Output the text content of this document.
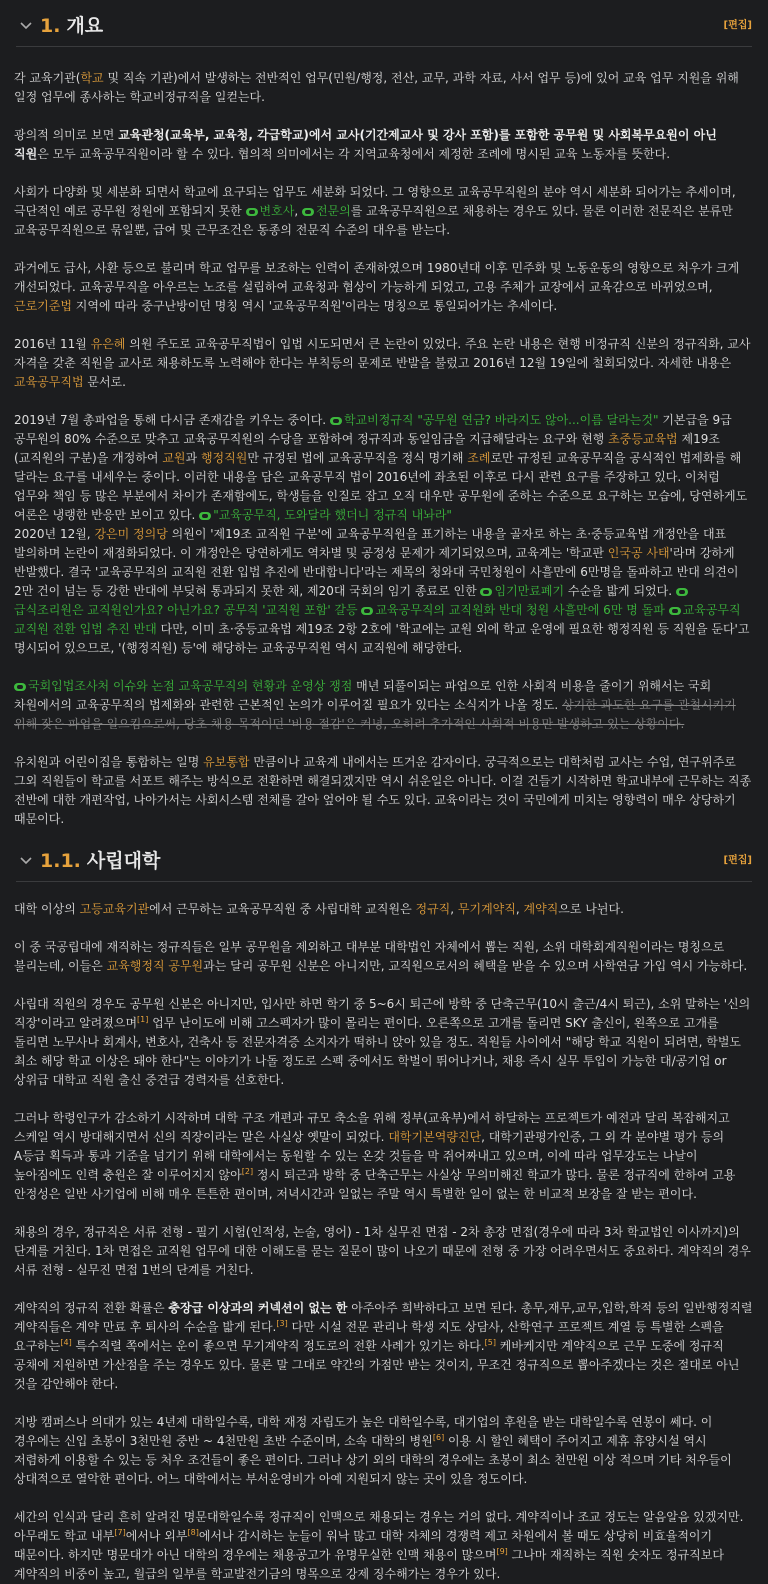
1. 개요	[편집]

각 교육기관(학교 및 직속 기관)에서 발생하는 전반적인 업무(민원/행정, 전산, 교무, 과학 자료, 사서 업무 등)에 있어 교육 업무 지원을 위해 일정 업무에 종사하는 학교비정규직을 일컫는다.

광의적 의미로 보면 교육관청(교육부, 교육청, 각급학교)에서 교사(기간제교사 및 강사 포함)를 포함한 공무원 및 사회복무요원이 아닌 직원은 모두 교육공무직원이라 할 수 있다. 협의적 의미에서는 각 지역교육청에서 제정한 조례에 명시된 교육 노동자를 뜻한다.

사회가 다양화 및 세분화 되면서 학교에 요구되는 업무도 세분화 되었다. 그 영향으로 교육공무직원의 분야 역시 세분화 되어가는 추세이며, 극단적인 예로 공무원 정원에 포함되지 못한 변호사, 전문의를 교육공무직원으로 채용하는 경우도 있다. 물론 이러한 전문직은 분류만 교육공무직원으로 묶일뿐, 급여 및 근무조건은 동종의 전문직 수준의 대우를 받는다.

과거에도 급사, 사환 등으로 불리며 학교 업무를 보조하는 인력이 존재하였으며 1980년대 이후 민주화 및 노동운동의 영향으로 처우가 크게 개선되었다. 교육공무직을 아우르는 노조를 설립하여 교육청과 협상이 가능하게 되었고, 고용 주체가 교장에서 교육감으로 바뀌었으며, 근로기준법 지역에 따라 중구난방이던 명칭 역시 '교육공무직원'이라는 명칭으로 통일되어가는 추세이다.

2016년 11월 유은혜 의원 주도로 교육공무직법이 입법 시도되면서 큰 논란이 있었다. 주요 논란 내용은 현행 비정규직 신분의 정규직화, 교사 자격을 갖춘 직원을 교사로 채용하도록 노력해야 한다는 부칙등의 문제로 반발을 불렀고 2016년 12월 19일에 철회되었다. 자세한 내용은 교육공무직법 문서로.

2019년 7월 총파업을 통해 다시금 존재감을 키우는 중이다. 학교비정규직 "공무원 연금? 바라지도 않아...이름 달라는것" 기본급을 9급 공무원의 80% 수준으로 맞추고 교육공무직원의 수당을 포함하여 정규직과 동일임금을 지급해달라는 요구와 현행 초중등교육법 제19조(교직원의 구분)을 개정하여 교원과 행정직원만 규정된 법에 교육공무직을 정식 명기해 조례로만 규정된 교육공무직을 공식적인 법제화를 해 달라는 요구를 내세우는 중이다. 이러한 내용을 담은 교육공무직 법이 2016년에 좌초된 이후로 다시 관련 요구를 주장하고 있다. 이처럼 업무와 책임 등 많은 부분에서 차이가 존재함에도, 학생들을 인질로 잡고 오직 대우만 공무원에 준하는 수준으로 요구하는 모습에, 당연하게도 여론은 냉랭한 반응만 보이고 있다. "교육공무직, 도와달라 했더니 정규직 내놔라"

2020년 12월, 강은미 정의당 의원이 '제19조 교직원 구분'에 교육공무직원을 표기하는 내용을 골자로 하는 초·중등교육법 개정안을 대표 발의하며 논란이 재점화되었다. 이 개정안은 당연하게도 역차별 및 공정성 문제가 제기되었으며, 교육계는 '학교판 인국공 사태'라며 강하게 반발했다. 결국 '교육공무직의 교직원 전환 입법 추진에 반대합니다'라는 제목의 청와대 국민청원이 사흘만에 6만명을 돌파하고 반대 의견이 2만 건이 넘는 등 강한 반대에 부딪혀 통과되지 못한 채, 제20대 국회의 임기 종료로 인한 임기만료폐기 수순을 밟게 되었다. 급식조리원은 교직원인가요? 아닌가요? 공무직 '교직원 포함' 갈등 교육공무직의 교직원화 반대 청원 사흘만에 6만 명 돌파 교육공무직 교직원 전환 입법 추진 반대 다만, 이미 초·중등교육법 제19조 2항 2호에 '학교에는 교원 외에 학교 운영에 필요한 행정직원 등 직원을 둔다'고 명시되어 있으므로, '(행정직원) 등'에 해당하는 교육공무직원 역시 교직원에 해당한다.

국회입법조사처 이슈와 논점 교육공무직의 현황과 운영상 쟁점 매년 되풀이되는 파업으로 인한 사회적 비용을 줄이기 위해서는 국회 차원에서의 교육공무직의 법제화와 관련한 근본적인 논의가 이루어질 필요가 있다는 소식지가 나올 정도. 상기한 과도한 요구를 관철시키기 위해 잦은 파업을 일으킴으로써, 당초 채용 목적이던 '비용 절감'은 커녕, 오히려 추가적인 사회적 비용만 발생하고 있는 상황이다.

유치원과 어린이집을 통합하는 일명 유보통합 만큼이나 교육계 내에서는 뜨거운 감자이다. 궁극적으로는 대학처럼 교사는 수업, 연구위주로 그외 직원들이 학교를 서포트 해주는 방식으로 전환하면 해결되겠지만 역시 쉬운일은 아니다. 이걸 건들기 시작하면 학교내부에 근무하는 직종 전반에 대한 개편작업, 나아가서는 사회시스템 전체를 갈아 엎어야 될 수도 있다. 교육이라는 것이 국민에게 미치는 영향력이 매우 상당하기 때문이다.

1.1. 사립대학	[편집]

대학 이상의 고등교육기관에서 근무하는 교육공무직원 중 사립대학 교직원은 정규직, 무기계약직, 계약직으로 나뉜다.

이 중 국공립대에 재직하는 정규직들은 일부 공무원을 제외하고 대부분 대학법인 자체에서 뽑는 직원, 소위 대학회계직원이라는 명칭으로 불리는데, 이들은 교육행정직 공무원과는 달리 공무원 신분은 아니지만, 교직원으로서의 혜택을 받을 수 있으며 사학연금 가입 역시 가능하다.

사립대 직원의 경우도 공무원 신분은 아니지만, 입사만 하면 학기 중 5~6시 퇴근에 방학 중 단축근무(10시 출근/4시 퇴근), 소위 말하는 '신의 직장'이라고 알려졌으며[1] 업무 난이도에 비해 고스펙자가 많이 몰리는 편이다. 오른쪽으로 고개를 돌리면 SKY 출신이, 왼쪽으로 고개를 돌리면 노무사나 회계사, 변호사, 건축사 등 전문자격증 소지자가 떡하니 앉아 있을 정도. 직원들 사이에서 "해당 학교 직원이 되려면, 학벌도 최소 해당 학교 이상은 돼야 한다"는 이야기가 나돌 정도로 스펙 중에서도 학벌이 뛰어나거나, 채용 즉시 실무 투입이 가능한 대/공기업 or 상위급 대학교 직원 출신 중견급 경력자를 선호한다.

그러나 학령인구가 감소하기 시작하며 대학 구조 개편과 규모 축소을 위해 정부(교육부)에서 하달하는 프로젝트가 예전과 달리 복잡해지고 스케일 역시 방대해지면서 신의 직장이라는 말은 사실상 옛말이 되었다. 대학기본역량진단, 대학기관평가인증, 그 외 각 분야별 평가 등의 A등급 획득과 통과 기준을 넘기기 위해 대학에서는 동원할 수 있는 온갖 것들을 막 쥐어짜내고 있으며, 이에 따라 업무강도는 나날이 높아짐에도 인력 충원은 잘 이루어지지 않아[2] 정시 퇴근과 방학 중 단축근무는 사실상 무의미해진 학교가 많다. 물론 정규직에 한하여 고용 안정성은 일반 사기업에 비해 매우 튼튼한 편이며, 저녁시간과 일없는 주말 역시 특별한 일이 없는 한 비교적 보장을 잘 받는 편이다.

채용의 경우, 정규직은 서류 전형 - 필기 시험(인적성, 논술, 영어) - 1차 실무진 면접 - 2차 총장 면접(경우에 따라 3차 학교법인 이사까지)의 단계를 거친다. 1차 면접은 교직원 업무에 대한 이해도를 묻는 질문이 많이 나오기 때문에 전형 중 가장 어려우면서도 중요하다. 계약직의 경우 서류 전형 - 실무진 면접 1번의 단계를 거친다.

계약직의 정규직 전환 확률은 충장급 이상과의 커넥션이 없는 한 아주아주 희박하다고 보면 된다. 총무,재무,교무,입학,학적 등의 일반행정직렬 계약직들은 계약 만료 후 퇴사의 수순을 밟게 된다.[3] 다만 시설 전문 관리나 학생 지도 상담사, 산학연구 프로젝트 계열 등 특별한 스펙을 요구하는[4] 특수직렬 쪽에서는 운이 좋으면 무기계약직 정도로의 전환 사례가 있기는 하다.[5] 케바케지만 계약직으로 근무 도중에 정규직 공채에 지원하면 가산점을 주는 경우도 있다. 물론 말 그대로 약간의 가점만 받는 것이지, 무조건 정규직으로 뽑아주겠다는 것은 절대로 아닌 것을 감안해야 한다.

지방 캠퍼스나 의대가 있는 4년제 대학일수록, 대학 재정 자립도가 높은 대학일수록, 대기업의 후원을 받는 대학일수록 연봉이 쎄다. 이 경우에는 신입 초봉이 3천만원 중반 ~ 4천만원 초반 수준이며, 소속 대학의 병원[6] 이용 시 할인 혜택이 주어지고 제휴 휴양시설 역시 저렴하게 이용할 수 있는 등 처우 조건들이 좋은 편이다. 그러나 상기 외의 대학의 경우에는 초봉이 최소 천만원 이상 적으며 기타 처우들이 상대적으로 열악한 편이다. 어느 대학에서는 부서운영비가 아예 지원되지 않는 곳이 있을 정도이다.

세간의 인식과 달리 흔히 알려진 명문대학일수록 정규직이 인맥으로 채용되는 경우는 거의 없다. 계약직이나 조교 정도는 알음알음 있겠지만. 아무래도 학교 내부[7]에서나 외부[8]에서나 감시하는 눈들이 워낙 많고 대학 자체의 경쟁력 제고 차원에서 볼 때도 상당히 비효율적이기 때문이다. 하지만 명문대가 아닌 대학의 경우에는 채용공고가 유명무실한 인맥 채용이 많으며[9] 그나마 재직하는 직원 숫자도 정규직보다 계약직의 비중이 높고, 월급의 일부를 학교발전기금의 명목으로 강제 징수해가는 경우가 있다.
